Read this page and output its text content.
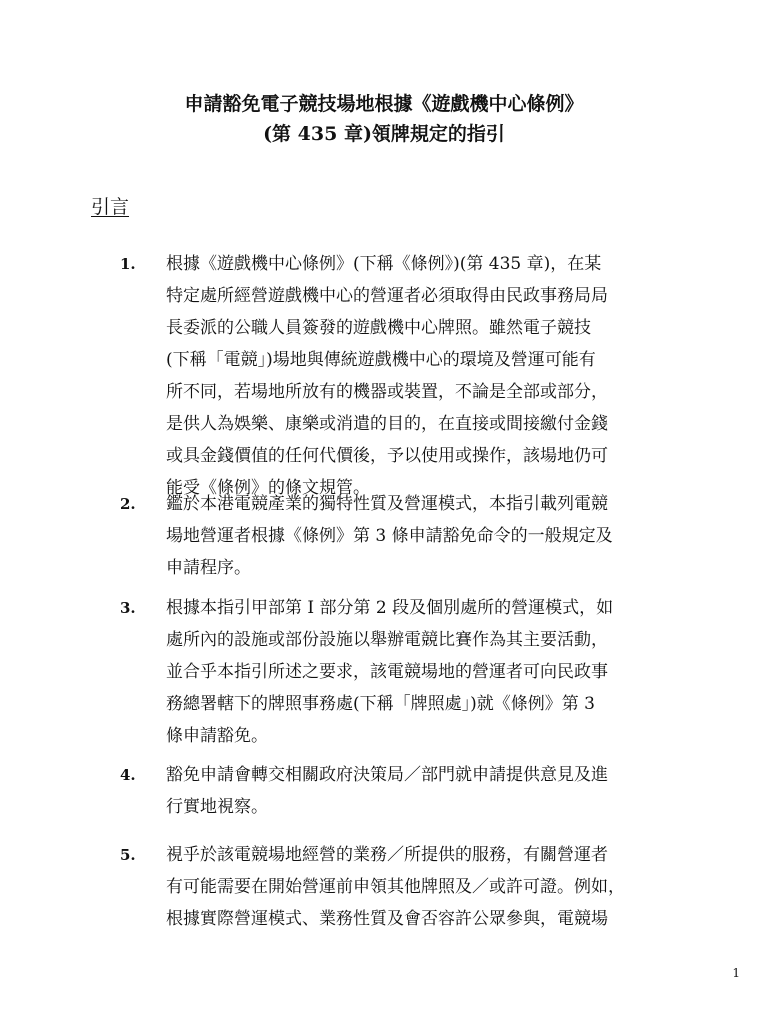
申請豁免電子競技場地根據《遊戲機中心條例》
(第 435 章)領牌規定的指引
引言
1. 根據《遊戲機中心條例》(下稱《條例》)(第 435 章)，在某
特定處所經營遊戲機中心的營運者必須取得由民政事務局局
長委派的公職人員簽發的遊戲機中心牌照。雖然電子競技
(下稱「電競」)場地與傳統遊戲機中心的環境及營運可能有
所不同，若場地所放有的機器或裝置，不論是全部或部分，
是供人為娛樂、康樂或消遣的目的，在直接或間接繳付金錢
或具金錢價值的任何代價後，予以使用或操作，該場地仍可
能受《條例》的條文規管。
2. 鑑於本港電競產業的獨特性質及營運模式，本指引載列電競
場地營運者根據《條例》第 3 條申請豁免命令的一般規定及
申請程序。
3. 根據本指引甲部第 I 部分第 2 段及個別處所的營運模式，如
處所內的設施或部份設施以舉辦電競比賽作為其主要活動，
並合乎本指引所述之要求，該電競場地的營運者可向民政事
務總署轄下的牌照事務處(下稱「牌照處」)就《條例》第 3
條申請豁免。
4. 豁免申請會轉交相關政府決策局／部門就申請提供意見及進
行實地視察。
5. 視乎於該電競場地經營的業務／所提供的服務，有關營運者
有可能需要在開始營運前申領其他牌照及／或許可證。例如，
根據實際營運模式、業務性質及會否容許公眾參與，電競場
1
